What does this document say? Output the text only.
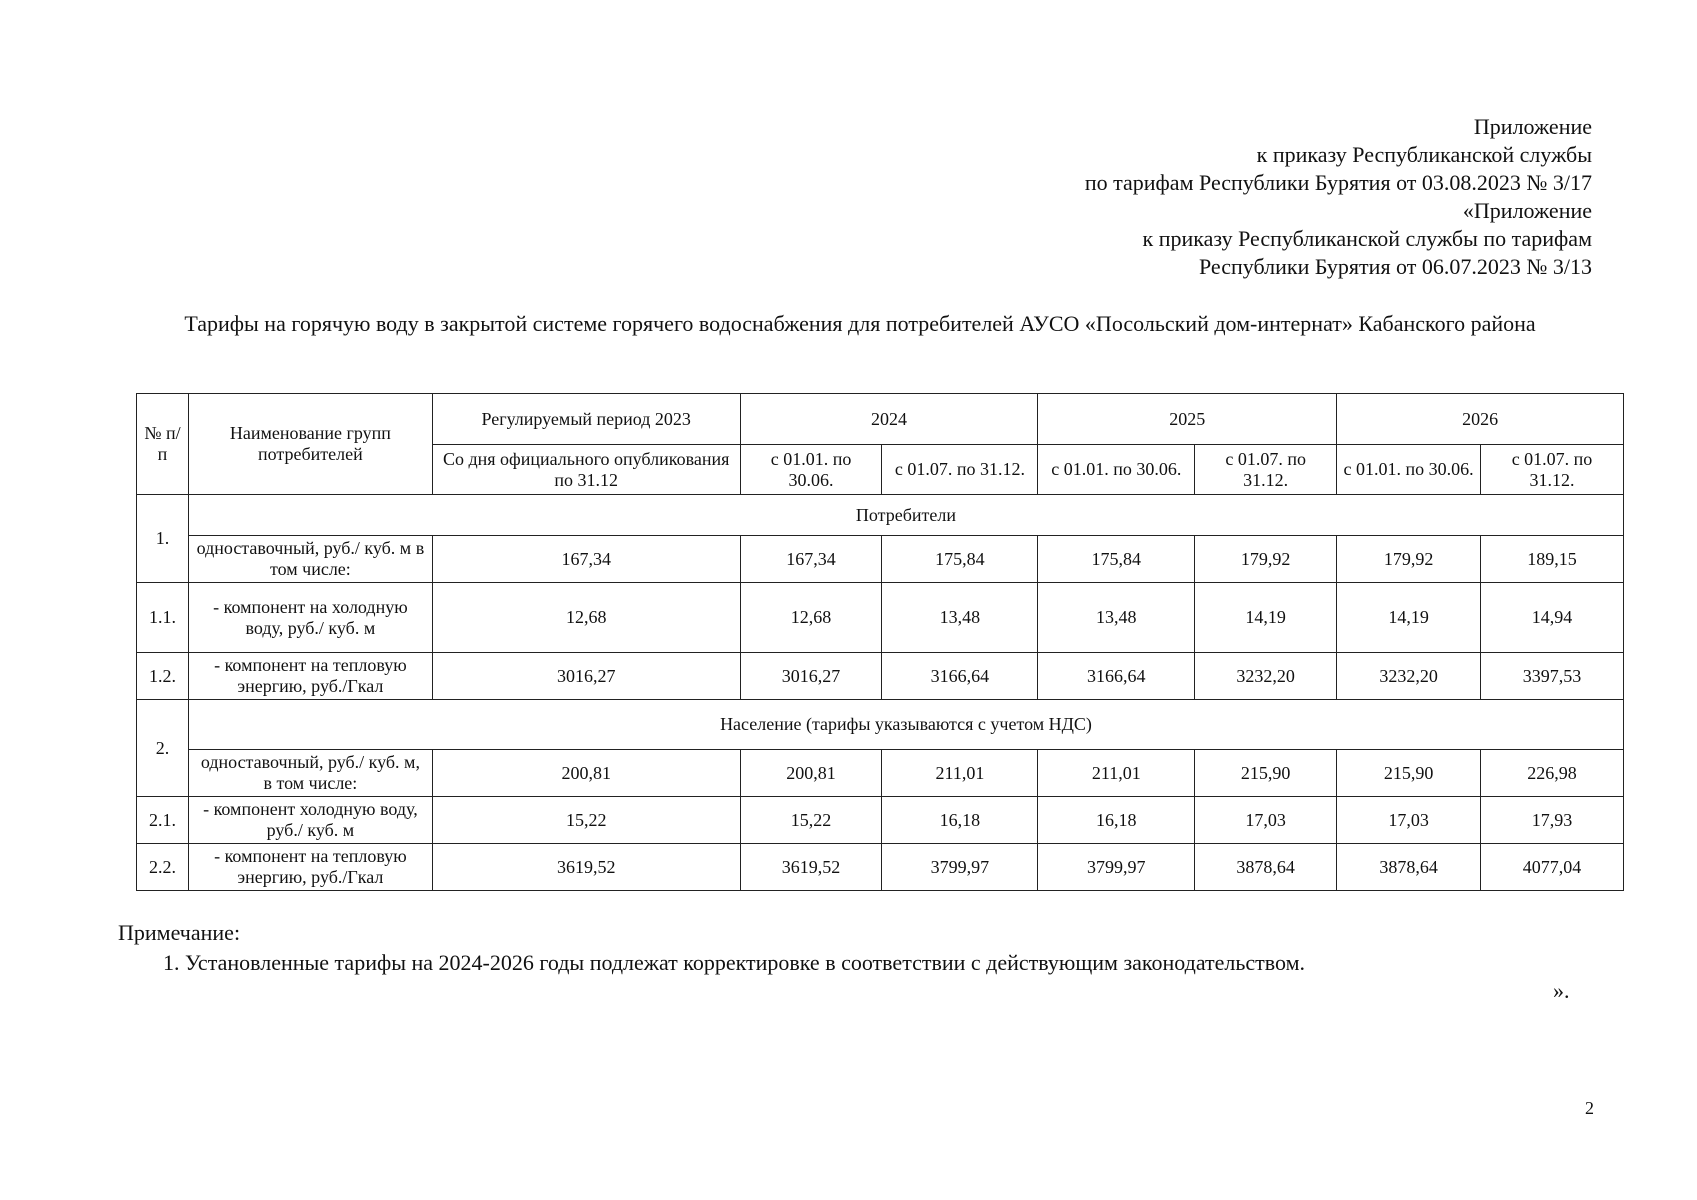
Приложение
к приказу Республиканской службы
по тарифам Республики Бурятия от 03.08.2023 № 3/17
«Приложение
к приказу Республиканской службы по тарифам
Республики Бурятия от 06.07.2023 № 3/13
Тарифы на горячую воду в закрытой системе горячего водоснабжения для потребителей АУСО «Посольский дом-интернат» Кабанского района
№ п/п	Наименование групп потребителей	Регулируемый период 2023	2024		2025		2026	
		Со дня официального опубликования по 31.12	с 01.01. по 30.06.	с 01.07. по 31.12.	с 01.01. по 30.06.	с 01.07. по 31.12.	с 01.01. по 30.06.	с 01.07. по 31.12.
1.	Потребители							
	одноставочный, руб./ куб. м в том числе:	167,34	167,34	175,84	175,84	179,92	179,92	189,15
1.1.	- компонент на холодную воду, руб./ куб. м	12,68	12,68	13,48	13,48	14,19	14,19	14,94
1.2.	- компонент на тепловую энергию, руб./Гкал	3016,27	3016,27	3166,64	3166,64	3232,20	3232,20	3397,53
2.	Население (тарифы указываются с учетом НДС)							
	одноставочный, руб./ куб. м, в том числе:	200,81	200,81	211,01	211,01	215,90	215,90	226,98
2.1.	- компонент холодную воду, руб./ куб. м	15,22	15,22	16,18	16,18	17,03	17,03	17,93
2.2.	- компонент на тепловую энергию, руб./Гкал	3619,52	3619,52	3799,97	3799,97	3878,64	3878,64	4077,04
Примечание:
1. Установленные тарифы на 2024-2026 годы подлежат корректировке в соответствии с действующим законодательством.
».
2
